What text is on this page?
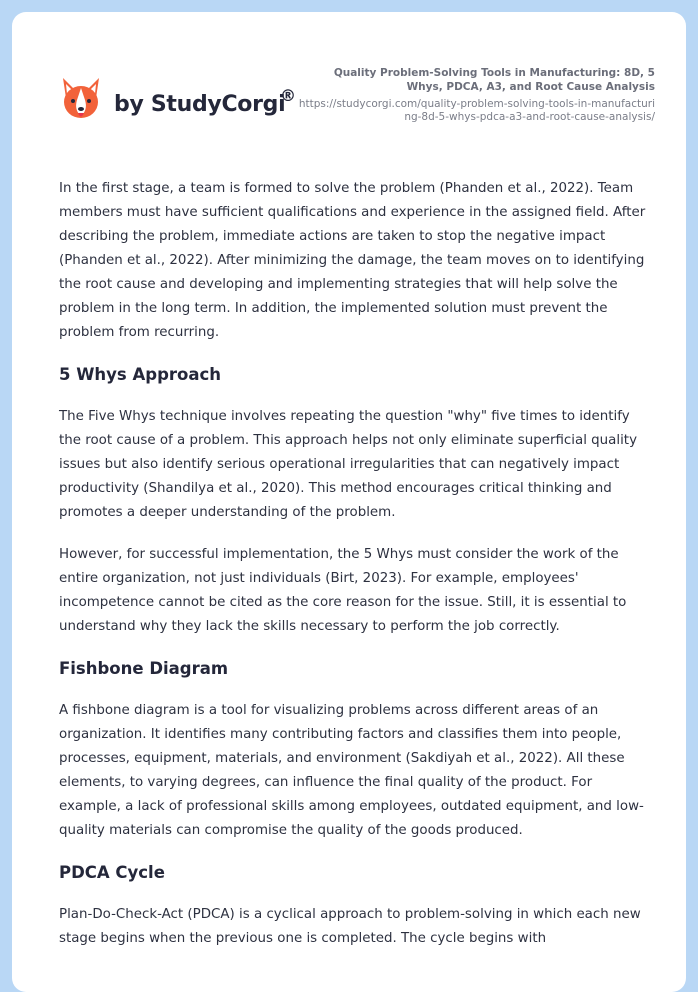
by StudyCorgi
®

Quality Problem-Solving Tools in Manufacturing: 8D, 5 Whys, PDCA, A3, and Root Cause Analysis

https://studycorgi.com/quality-problem-solving-tools-in-manufacturing-8d-5-whys-pdca-a3-and-root-cause-analysis/

In the first stage, a team is formed to solve the problem (Phanden et al., 2022). Team members must have sufficient qualifications and experience in the assigned field. After describing the problem, immediate actions are taken to stop the negative impact (Phanden et al., 2022). After minimizing the damage, the team moves on to identifying the root cause and developing and implementing strategies that will help solve the problem in the long term. In addition, the implemented solution must prevent the problem from recurring.

5 Whys Approach

The Five Whys technique involves repeating the question "why" five times to identify the root cause of a problem. This approach helps not only eliminate superficial quality issues but also identify serious operational irregularities that can negatively impact productivity (Shandilya et al., 2020). This method encourages critical thinking and promotes a deeper understanding of the problem.

However, for successful implementation, the 5 Whys must consider the work of the entire organization, not just individuals (Birt, 2023). For example, employees' incompetence cannot be cited as the core reason for the issue. Still, it is essential to understand why they lack the skills necessary to perform the job correctly.

Fishbone Diagram

A fishbone diagram is a tool for visualizing problems across different areas of an organization. It identifies many contributing factors and classifies them into people, processes, equipment, materials, and environment (Sakdiyah et al., 2022). All these elements, to varying degrees, can influence the final quality of the product. For example, a lack of professional skills among employees, outdated equipment, and low-quality materials can compromise the quality of the goods produced.

PDCA Cycle

Plan-Do-Check-Act (PDCA) is a cyclical approach to problem-solving in which each new stage begins when the previous one is completed. The cycle begins with
